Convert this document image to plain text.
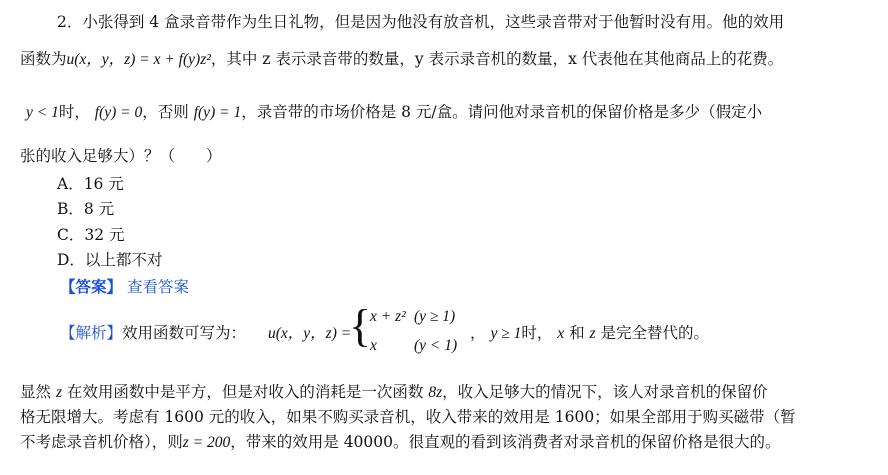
2．小张得到 4 盒录音带作为生日礼物，但是因为他没有放音机，这些录音带对于他暂时没有用。他的效用
函数为u(x，y，z) = x + f(y)z²，其中 z 表示录音带的数量，y 表示录音机的数量，x 代表他在其他商品上的花费。
y < 1时， f(y) = 0，否则 f(y) = 1，录音带的市场价格是 8 元/盒。请问他对录音机的保留价格是多少（假定小
张的收入足够大）？（　　）
A．16 元
B．8 元
C．32 元
D．以上都不对
【答案】 查看答案
【解析】效用函数可写为： u(x，y，z) =
{
x + z² (y ≥ 1)
x (y < 1)
， y ≥ 1时， x 和 z 是完全替代的。
显然 z 在效用函数中是平方，但是对收入的消耗是一次函数 8z，收入足够大的情况下，该人对录音机的保留价
格无限增大。考虑有 1600 元的收入，如果不购买录音机，收入带来的效用是 1600；如果全部用于购买磁带（暂
不考虑录音机价格），则z = 200，带来的效用是 40000。很直观的看到该消费者对录音机的保留价格是很大的。
